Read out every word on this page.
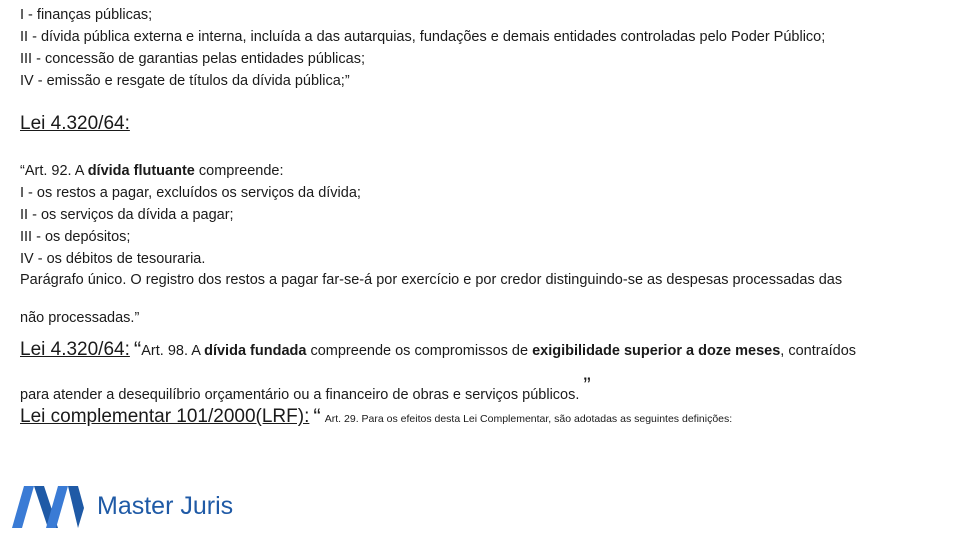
I - finanças públicas;
II - dívida pública externa e interna, incluída a das autarquias, fundações e demais entidades controladas pelo Poder Público;
III - concessão de garantias pelas entidades públicas;
IV - emissão e resgate de títulos da dívida pública;”
Lei 4.320/64:
“Art. 92. A dívida flutuante compreende:
I - os restos a pagar, excluídos os serviços da dívida;
II - os serviços da dívida a pagar;
III - os depósitos;
IV - os débitos de tesouraria.
Parágrafo único. O registro dos restos a pagar far-se-á por exercício e por credor distinguindo-se as despesas processadas das
não processadas.”
Lei 4.320/64: “Art. 98. A dívida fundada compreende os compromissos de exigibilidade superior a doze meses, contraídos
para atender a desequilíbrio orçamentário ou a financeiro de obras e serviços públicos. ”
Lei complementar 101/2000(LRF): “ Art. 29. Para os efeitos desta Lei Complementar, são adotadas as seguintes definições:
Master Juris
